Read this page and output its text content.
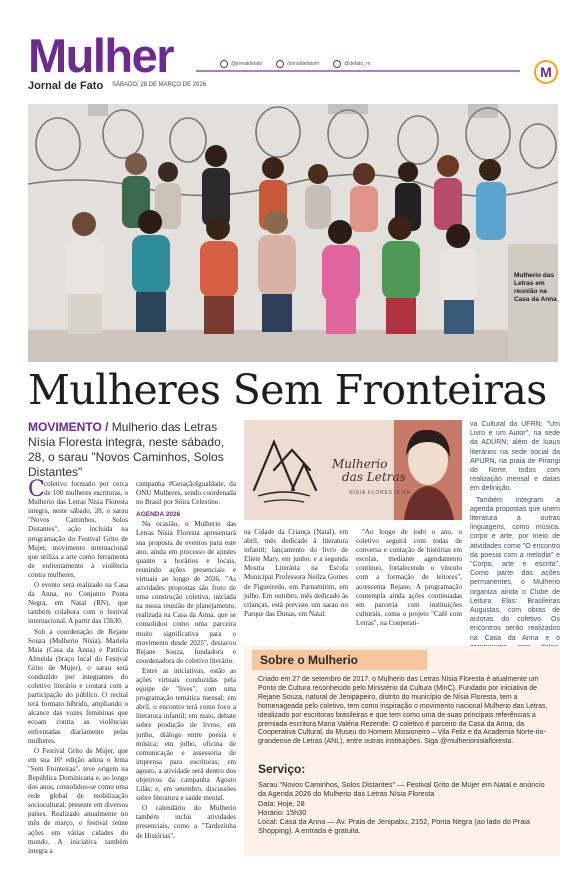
Mulher	@jornaldefato	/jornaldefatorn	@defato_rn	M
Jornal de Fato SÁBADO, 28 DE MARÇO DE 2026
Mulherio das Letras em reunião na Casa da Anna
Mulheres Sem Fronteiras
MOVIMENTO / Mulherio das Letras Nísia Floresta integra, neste sábado, 28, o sarau "Novos Caminhos, Solos Distantes"
Mulherio
das Letras
NÍSIA FLORESTA RN

C coletivo formado por cerca de 100 mulheres escritoras, o Mulherio das Letras Nísia Floresta integra, neste sábado, 28, o sarau "Novos Caminhos, Solos Distantes", ação incluída na programação do Festival Grito de Mujer, movimento internacional que utiliza a arte como ferramenta de enfrentamento à violência contra mulheres.

O evento será realizado na Casa da Anna, no Conjunto Ponta Negra, em Natal (RN), que também colabora com o festival internacional. A partir das 15h30.

Sob a coordenação de Rejane Souza (Mulherio Nísia), Mariela Maia (Casa da Anna) e Patrícia Almeida (braço local do Festival Grito de Mujer), o sarau será conduzido por integrantes do coletivo literário e contará com a participação do público. O recital terá formato híbrido, ampliando o alcance das vozes femininas que ecoam contra as violências enfrentadas diariamente pelas mulheres.

O Festival Grito de Mujer, que em sua 16ª edição adota o lema "Sem Fronteiras", teve origem na República Dominicana e, ao longo dos anos, consolidou-se como uma rede global de mobilização sociocultural, presente em diversos países. Realizado anualmente no mês de março, o festival reúne ações em várias cidades do mundo. A iniciativa também integra a

campanha #GeraçãoIgualdade, da ONU Mulheres, sendo coordenada no Brasil por Sóira Celestino.

AGENDA 2026

Na ocasião, o Mulherio das Letras Nísia Floresta apresentará sua proposta de eventos para este ano, ainda em processo de ajustes quanto a horários e locais, reunindo ações presenciais e virtuais ao longo de 2026. "As atividades propostas são fruto de uma construção coletiva, iniciada na nossa reunião de planejamento, realizada na Casa da Anna, que se consolidou como uma parceira muito significativa para o movimento desde 2025", destacou Rejane Souza, fundadora e coordenadora do coletivo literário.

Entre as iniciativas, estão as ações virtuais conduzidas pela equipe de "lives", com uma programação temática mensal: em abril, o encontro terá como foco a literatura infantil; em maio, debate sobre produção de livros; em junho, diálogo entre poesia e música; em julho, oficina de comunicação e assessoria de imprensa para escritoras; em agosto, a atividade será dentro dos objetivos da campanha Agosto Lilás; e, em setembro, discussões sobre literatura e saúde mental.

O calendário do Mulherio também inclui atividades presenciais, como a "Tardezinha de Histórias",

na Cidade da Criança (Natal), em abril, mês dedicado à literatura infantil; lançamento do livro de Eliete Mary, em junho; e a segunda Mostra Literária na Escola Municipal Professora Neilza Gomes de Figueiredo, em Parnamirim, em julho. Em outubro, mês dedicado às crianças, está previsto um sarau no Parque das Dunas, em Natal.

"Ao longo de todo o ano, o coletivo seguirá com todas de conversa e contação de histórias em escolas, mediante agendamento contínuo, fortalecendo o vínculo com a formação de leitores", acrescenta Rejane. A programação contempla ainda ações continuadas em parceria com instituições culturais, como o projeto "Café com Letras", na Cooperati-

va Cultural da UFRN; "Um Livro e um Autor", na sede da ADURN; além de luaus literários na sede social da APURN, na praia de Pirangi do Norte, todos com realização mensal e datas em definição.

Também integram a agenda propostas que unem literatura a outras linguagens, como música, corpo e arte, por meio de atividades como "O encontro da poesia com a melodia" e "Corpo, arte e escrita". Como parte das ações permanentes, o Mulherio organiza ainda o Clube de Leitura Elas: Brasileiras Augustas, com obras de autoras do coletivo. Os encontros serão realizados na Casa da Anna e o

Sobre o Mulherio
Criado em 27 de setembro de 2017, o Mulherio das Letras Nísia Floresta é atualmente um Ponto de Cultura reconhecido pelo Ministério da Cultura (MinC). Fundado por iniciativa de Rejane Souza, natural de Jenipapeiro, distrito do município de Nísia Floresta, tem a homenageada pelo coletivo, tem como inspiração o movimento nacional Mulherio das Letras, idealizado por escritoras brasileiras e que tem como uma de suas principais referências a premiada escritora Maria Valéria Rezende. O coletivo é parceiro da Casa da Anna, da Cooperativa Cultural, do Museu do Homem Missioneiro – Vila Feliz e da Academia Norte-rio-grandense de Letras (ANL), entre outras instituições. Siga @mulherionisiafloresta.
Serviço:
Sarau "Novos Caminhos, Solos Distantes" — Festival Grito de Mujer em Natal e anúncio da Agenda 2026 do Mulherio das Letras Nísia Floresta
Data: Hoje, 28
Horário: 15h30
Local: Casa da Anna — Av. Praia de Jenipabu, 2152, Ponta Negra (ao lado do Praia Shopping). A entrada é gratuita.
